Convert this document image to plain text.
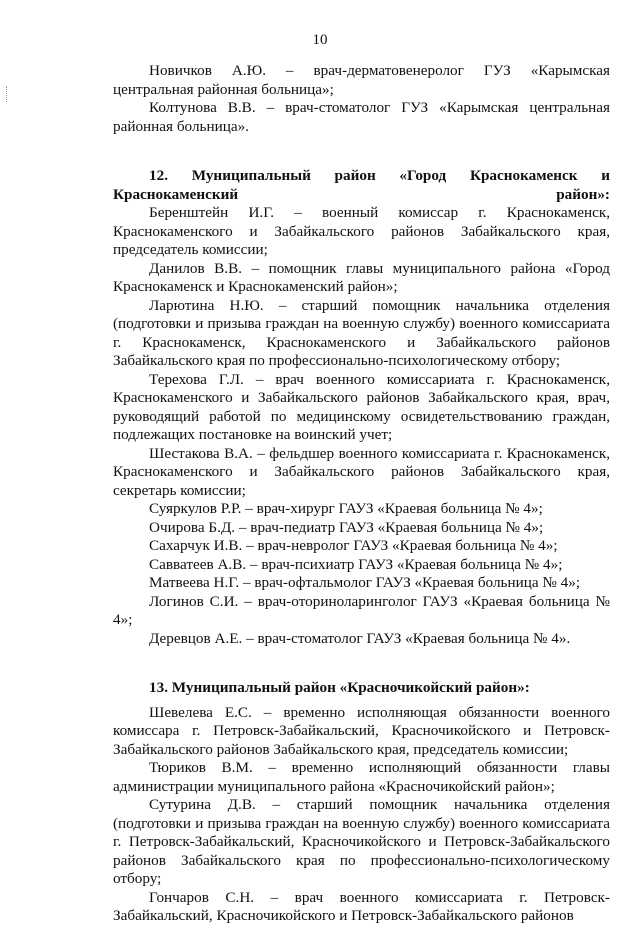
10

Новичков А.Ю. – врач-дерматовенеролог ГУЗ «Карымская центральная районная больница»;

Колтунова В.В. – врач-стоматолог ГУЗ «Карымская центральная районная больница».

12. Муниципальный район «Город Краснокаменск и Краснокаменский район»:

Беренштейн И.Г. – военный комиссар г. Краснокаменск, Краснокаменского и Забайкальского районов Забайкальского края, председатель комиссии;

Данилов В.В. – помощник главы муниципального района «Город Краснокаменск и Краснокаменский район»;

Ларютина Н.Ю. – старший помощник начальника отделения (подготовки и призыва граждан на военную службу) военного комиссариата г. Краснокаменск, Краснокаменского и Забайкальского районов Забайкальского края по профессионально-психологическому отбору;

Терехова Г.Л. – врач военного комиссариата г. Краснокаменск, Краснокаменского и Забайкальского районов Забайкальского края, врач, руководящий работой по медицинскому освидетельствованию граждан, подлежащих постановке на воинский учет;

Шестакова В.А. – фельдшер военного комиссариата г. Краснокаменск, Краснокаменского и Забайкальского районов Забайкальского края, секретарь комиссии;

Суяркулов Р.Р. – врач-хирург ГАУЗ «Краевая больница № 4»;

Очирова Б.Д. – врач-педиатр ГАУЗ «Краевая больница № 4»;

Сахарчук И.В. – врач-невролог ГАУЗ «Краевая больница № 4»;

Савватеев А.В. – врач-психиатр ГАУЗ «Краевая больница № 4»;

Матвеева Н.Г. – врач-офтальмолог ГАУЗ «Краевая больница № 4»;

Логинов С.И. – врач-оториноларинголог ГАУЗ «Краевая больница № 4»;

Деревцов А.Е. – врач-стоматолог ГАУЗ «Краевая больница № 4».

13. Муниципальный район «Красночикойский район»:

Шевелева Е.С. – временно исполняющая обязанности военного комиссара г. Петровск-Забайкальский, Красночикойского и Петровск-Забайкальского районов Забайкальского края, председатель комиссии;

Тюриков В.М. – временно исполняющий обязанности главы администрации муниципального района «Красночикойский район»;

Сутурина Д.В. – старший помощник начальника отделения (подготовки и призыва граждан на военную службу) военного комиссариата г. Петровск-Забайкальский, Красночикойского и Петровск-Забайкальского районов Забайкальского края по профессионально-психологическому отбору;

Гончаров С.Н. – врач военного комиссариата г. Петровск-Забайкальский, Красночикойского и Петровск-Забайкальского районов
